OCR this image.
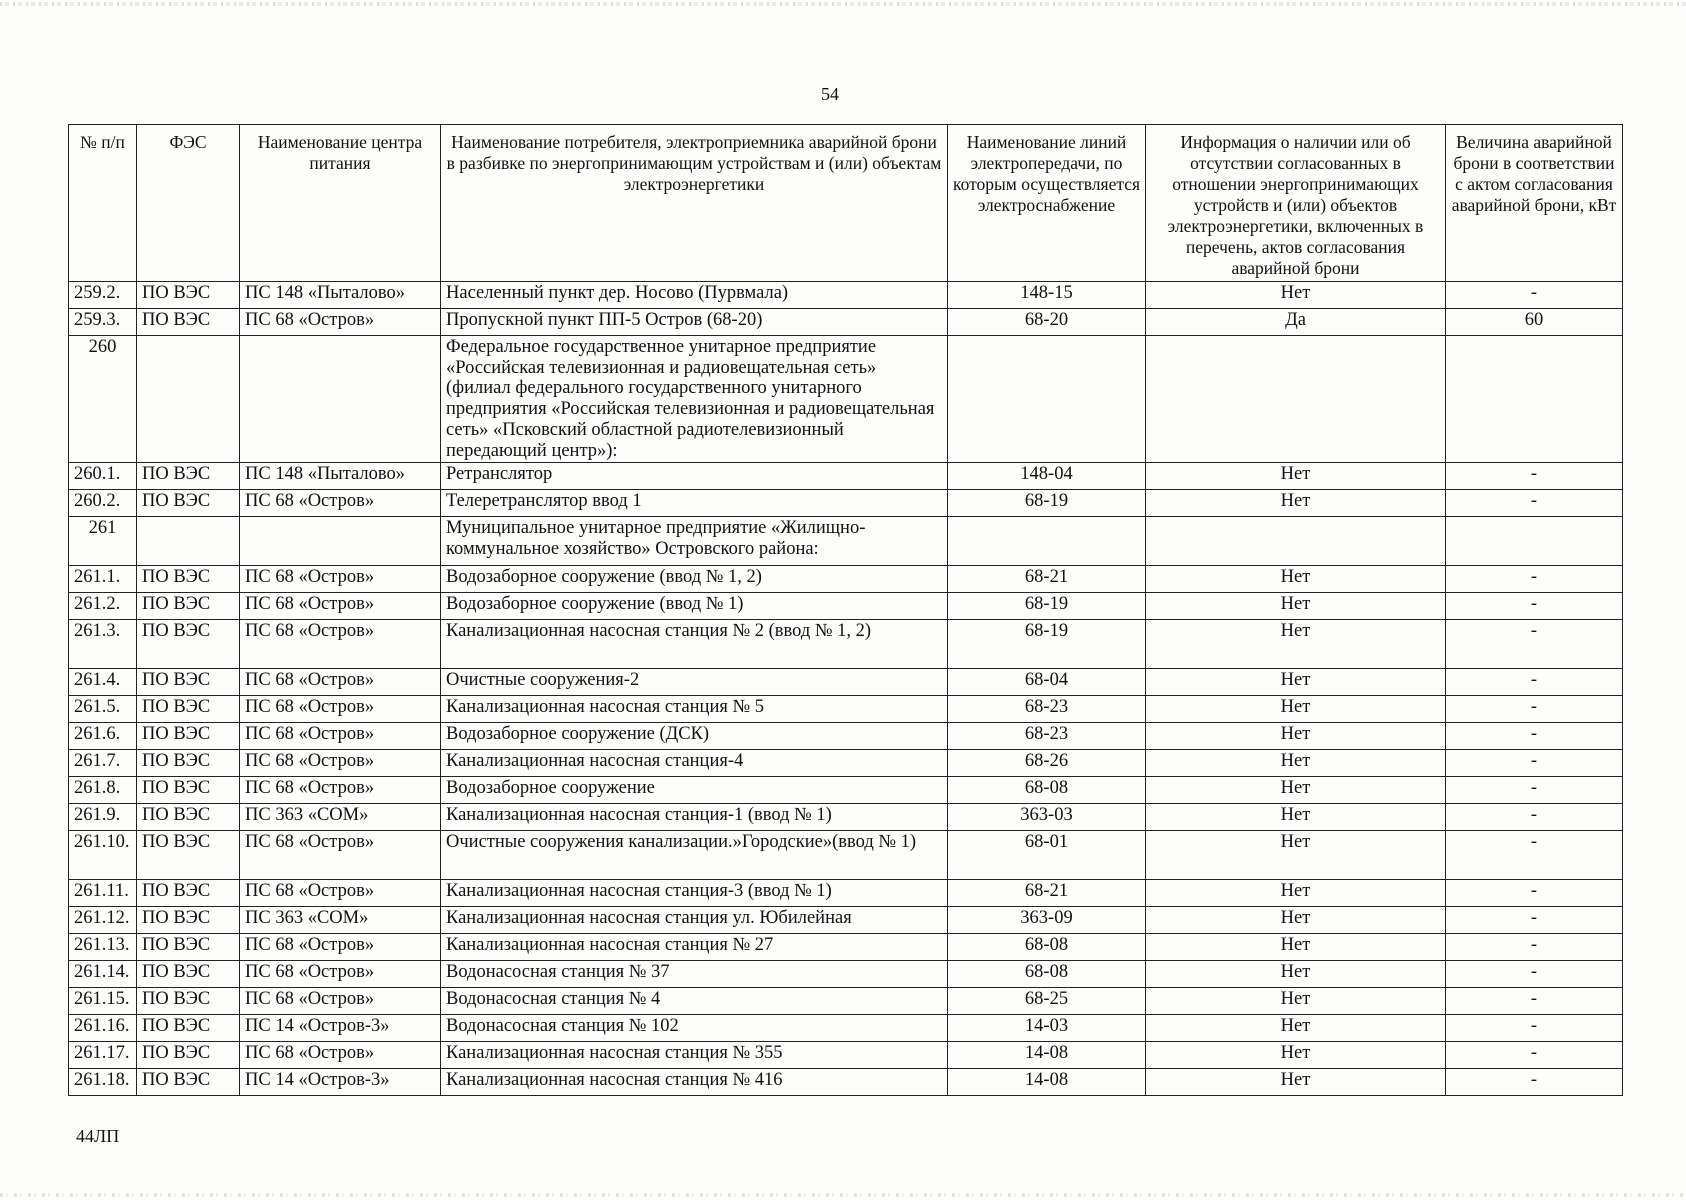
54
№ п/п	ФЭС	Наименование центра питания	Наименование потребителя, электроприемника аварийной брони в разбивке по энергопринимающим устройствам и (или) объектам электроэнергетики	Наименование линий электропередачи, по которым осуществляется электроснабжение	Информация о наличии или об отсутствии согласованных в отношении энергопринимающих устройств и (или) объектов электроэнергетики, включенных в перечень, актов согласования аварийной брони	Величина аварийной брони в соответствии с актом согласования аварийной брони, кВт
259.2.	ПО ВЭС	ПС 148 «Пыталово»	Населенный пункт дер. Носово (Пурвмала)	148-15	Нет	-
259.3.	ПО ВЭС	ПС 68 «Остров»	Пропускной пункт ПП-5 Остров (68-20)	68-20	Да	60
260			Федеральное государственное унитарное предприятие «Российская телевизионная и радиовещательная сеть» (филиал федерального государственного унитарного предприятия «Российская телевизионная и радиовещательная сеть» «Псковский областной радиотелевизионный передающий центр»):			
260.1.	ПО ВЭС	ПС 148 «Пыталово»	Ретранслятор	148-04	Нет	-
260.2.	ПО ВЭС	ПС 68 «Остров»	Телеретранслятор ввод 1	68-19	Нет	-
261			Муниципальное унитарное предприятие «Жилищно-коммунальное хозяйство» Островского района:			
261.1.	ПО ВЭС	ПС 68 «Остров»	Водозаборное сооружение (ввод № 1, 2)	68-21	Нет	-
261.2.	ПО ВЭС	ПС 68 «Остров»	Водозаборное сооружение (ввод № 1)	68-19	Нет	-
261.3.	ПО ВЭС	ПС 68 «Остров»	Канализационная насосная станция № 2 (ввод № 1, 2)	68-19	Нет	-
261.4.	ПО ВЭС	ПС 68 «Остров»	Очистные сооружения-2	68-04	Нет	-
261.5.	ПО ВЭС	ПС 68 «Остров»	Канализационная насосная станция № 5	68-23	Нет	-
261.6.	ПО ВЭС	ПС 68 «Остров»	Водозаборное сооружение (ДСК)	68-23	Нет	-
261.7.	ПО ВЭС	ПС 68 «Остров»	Канализационная насосная станция-4	68-26	Нет	-
261.8.	ПО ВЭС	ПС 68 «Остров»	Водозаборное сооружение	68-08	Нет	-
261.9.	ПО ВЭС	ПС 363 «СОМ»	Канализационная насосная станция-1 (ввод № 1)	363-03	Нет	-
261.10.	ПО ВЭС	ПС 68 «Остров»	Очистные сооружения канализации.»Городские»(ввод № 1)	68-01	Нет	-
261.11.	ПО ВЭС	ПС 68 «Остров»	Канализационная насосная станция-3 (ввод № 1)	68-21	Нет	-
261.12.	ПО ВЭС	ПС 363 «СОМ»	Канализационная насосная станция ул. Юбилейная	363-09	Нет	-
261.13.	ПО ВЭС	ПС 68 «Остров»	Канализационная насосная станция № 27	68-08	Нет	-
261.14.	ПО ВЭС	ПС 68 «Остров»	Водонасосная станция № 37	68-08	Нет	-
261.15.	ПО ВЭС	ПС 68 «Остров»	Водонасосная станция № 4	68-25	Нет	-
261.16.	ПО ВЭС	ПС 14 «Остров-3»	Водонасосная станция № 102	14-03	Нет	-
261.17.	ПО ВЭС	ПС 68 «Остров»	Канализационная насосная станция № 355	14-08	Нет	-
261.18.	ПО ВЭС	ПС 14 «Остров-3»	Канализационная насосная станция № 416	14-08	Нет	-
44ЛП
